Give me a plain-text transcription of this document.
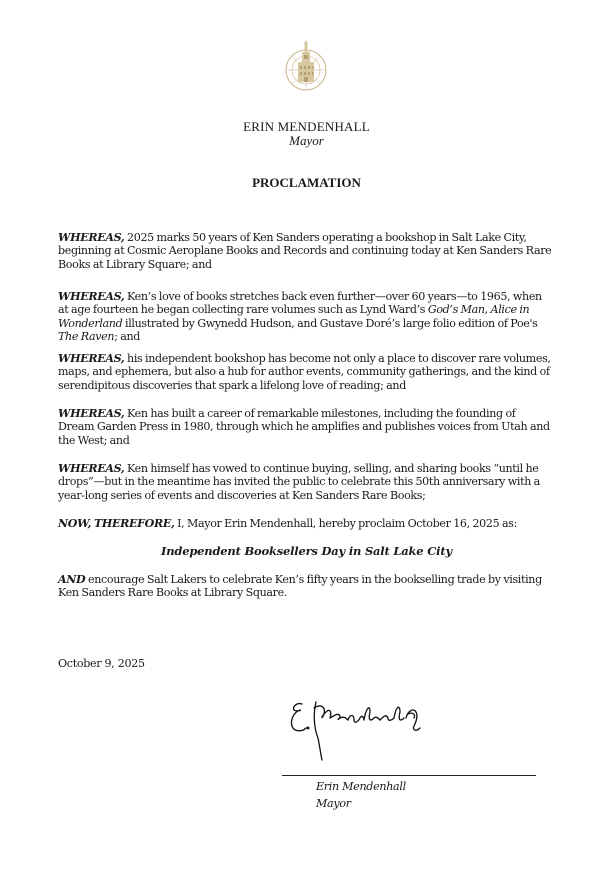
ERIN MENDENHALL
Mayor
PROCLAMATION
WHEREAS, 2025 marks 50 years of Ken Sanders operating a bookshop in Salt Lake City, beginning at Cosmic Aeroplane Books and Records and continuing today at Ken Sanders Rare Books at Library Square; and
WHEREAS, Ken’s love of books stretches back even further—over 60 years—to 1965, when at age fourteen he began collecting rare volumes such as Lynd Ward’s God’s Man, Alice in Wonderland illustrated by Gwynedd Hudson, and Gustave Doré’s large folio edition of Poe's The Raven; and
WHEREAS, his independent bookshop has become not only a place to discover rare volumes, maps, and ephemera, but also a hub for author events, community gatherings, and the kind of serendipitous discoveries that spark a lifelong love of reading; and
WHEREAS, Ken has built a career of remarkable milestones, including the founding of Dream Garden Press in 1980, through which he amplifies and publishes voices from Utah and the West; and
WHEREAS, Ken himself has vowed to continue buying, selling, and sharing books “until he drops”—but in the meantime has invited the public to celebrate this 50th anniversary with a year-long series of events and discoveries at Ken Sanders Rare Books;
NOW, THEREFORE, I, Mayor Erin Mendenhall, hereby proclaim October 16, 2025 as:
Independent Booksellers Day in Salt Lake City
AND encourage Salt Lakers to celebrate Ken’s fifty years in the bookselling trade by visiting Ken Sanders Rare Books at Library Square.
October 9, 2025
Erin Mendenhall
Mayor
